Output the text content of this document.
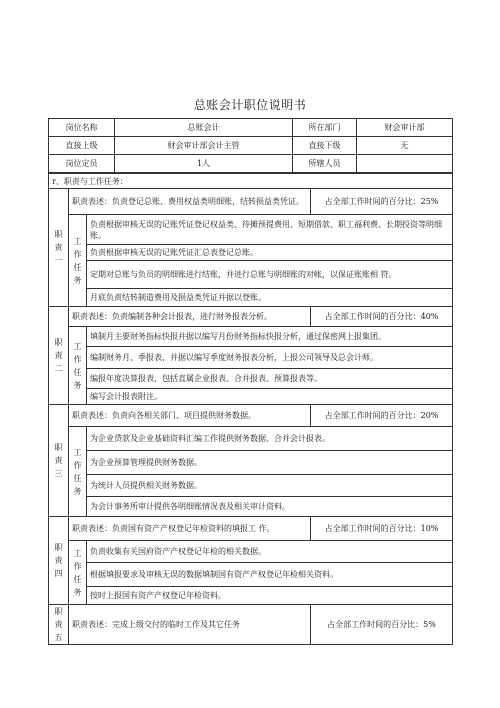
总账会计职位说明书
岗位名称	总账会计	所在部门	财会审计部
直接上级	财会审计部会计主管	直接下级	无
岗位定员	1人	所辖人员	
r、职责与工作任务：			
职
责
一	职责表述：负责登记总账、费用权益类明细账，结转损益类凭证。		占全部工作时间的百分比：25%
	工
作
任
务	负责根据审核无误的记账凭证登记权益类、待摊预提费用、短期借款、职工福利费、长期投资等明细账。	
		负责根据审核无误的记账凭证汇总表登记总账。	
		定期对总账与负员的明细账进行结账，并进行总账与明细账的对帐，以保证账账相 符。	
		月底负责结转制造费用及损益类凭证并据以登账。	
职
责
二	职责表述：负责编制各种会计报表，进行财务报表分析。		占全部工作时间的百分比：40%
	工
作
任
务	填制月主要财务指标快报并据以编写月份财务指标快报分析，通过保密网上报集团。	
		编制财务月、季报表，并据以编写季度财务报表分析，上报公司领导及总会计师。	
		编报年度决算报表，包括直属企业报表、合并报表、预算报表等。	
		编写会计报表附注。	
职
责
三	职责表述：负责向各相关部门、项目提供财务数据。		占全部工作时间的百分比：20%
	工
作
任
务	为企业贷款及企业基础资料汇编工作提供财务数据、合并会计报表。	
		为企业预算管理提供财务数据。	
		为统计人员提供相关财务数据。	
		为会计事务所审计提供各明细账情况表及相关审计资料。	
职
责
四	职责表述：负责国有资产产权登记年检资料的填报工 作。		占全部工作时间的百分比：10%
	工
作
任
务	负责收集有关国府资产产权登记年检的相关数据。	
		根据填报要求及审核无误的数据填制国有资产产权登记年检相关资料。	
		按时上报国有资产产权登记年检资料。	
职
责
五	职责表述：完成上级交付的临时工作及其它任务		占全部工作时间的百分比：5%
